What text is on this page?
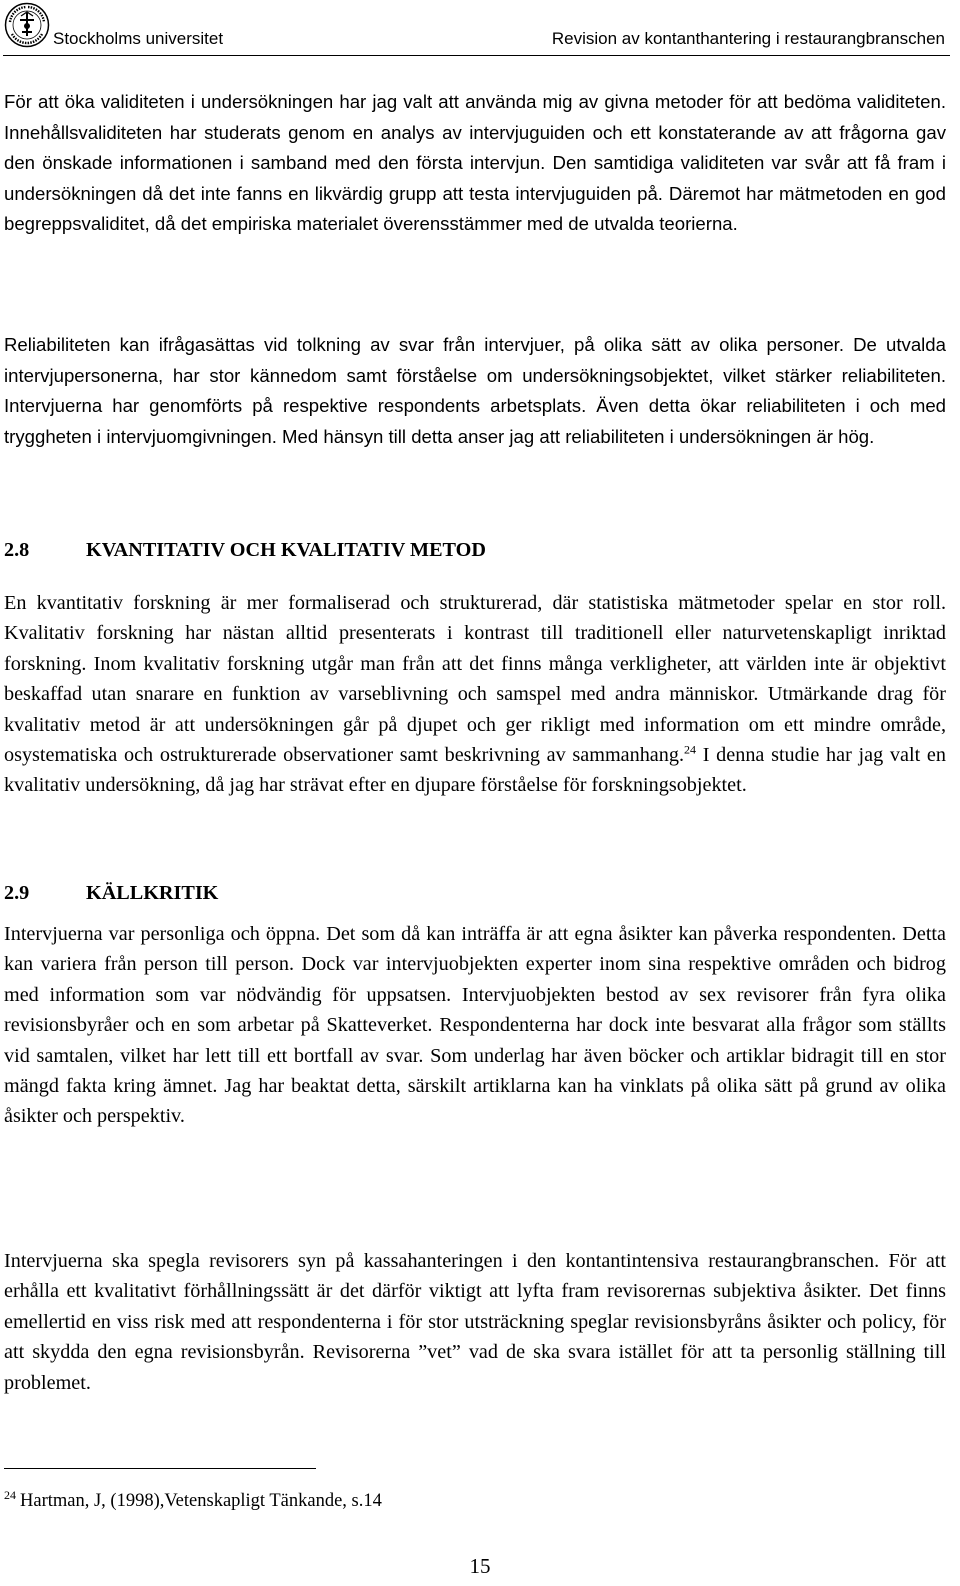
Stockholms universitet	Revision av kontanthantering i restaurangbranschen

För att öka validiteten i undersökningen har jag valt att använda mig av givna metoder för att bedöma validiteten. Innehållsvaliditeten har studerats genom en analys av intervjuguiden och ett konstaterande av att frågorna gav den önskade informationen i samband med den första intervjun. Den samtidiga validiteten var svår att få fram i undersökningen då det inte fanns en likvärdig grupp att testa intervjuguiden på. Däremot har mätmetoden en god begreppsvaliditet, då det empiriska materialet överensstämmer med de utvalda teorierna.

Reliabiliteten kan ifrågasättas vid tolkning av svar från intervjuer, på olika sätt av olika personer. De utvalda intervjupersonerna, har stor kännedom samt förståelse om undersökningsobjektet, vilket stärker reliabiliteten. Intervjuerna har genomförts på respektive respondents arbetsplats. Även detta ökar reliabiliteten i och med tryggheten i intervjuomgivningen. Med hänsyn till detta anser jag att reliabiliteten i undersökningen är hög.

2.8	KVANTITATIV OCH KVALITATIV METOD

En kvantitativ forskning är mer formaliserad och strukturerad, där statistiska mätmetoder spelar en stor roll. Kvalitativ forskning har nästan alltid presenterats i kontrast till traditionell eller naturvetenskapligt inriktad forskning. Inom kvalitativ forskning utgår man från att det finns många verkligheter, att världen inte är objektivt beskaffad utan snarare en funktion av varseblivning och samspel med andra människor. Utmärkande drag för kvalitativ metod är att undersökningen går på djupet och ger rikligt med information om ett mindre område, osystematiska och ostrukturerade observationer samt beskrivning av sammanhang.$^{24}$ I denna studie har jag valt en kvalitativ undersökning, då jag har strävat efter en djupare förståelse för forskningsobjektet.

2.9	KÄLLKRITIK

Intervjuerna var personliga och öppna. Det som då kan inträffa är att egna åsikter kan påverka respondenten. Detta kan variera från person till person. Dock var intervjuobjekten experter inom sina respektive områden och bidrog med information som var nödvändig för uppsatsen. Intervjuobjekten bestod av sex revisorer från fyra olika revisionsbyråer och en som arbetar på Skatteverket. Respondenterna har dock inte besvarat alla frågor som ställts vid samtalen, vilket har lett till ett bortfall av svar. Som underlag har även böcker och artiklar bidragit till en stor mängd fakta kring ämnet. Jag har beaktat detta, särskilt artiklarna kan ha vinklats på olika sätt på grund av olika åsikter och perspektiv.

Intervjuerna ska spegla revisorers syn på kassahanteringen i den kontantintensiva restaurangbranschen. För att erhålla ett kvalitativt förhållningssätt är det därför viktigt att lyfta fram revisorernas subjektiva åsikter. Det finns emellertid en viss risk med att respondenterna i för stor utsträckning speglar revisionsbyråns åsikter och policy, för att skydda den egna revisionsbyrån. Revisorerna ”vet” vad de ska svara istället för att ta personlig ställning till problemet.

$^{24}$ Hartman, J, (1998),Vetenskapligt Tänkande, s.14
15
